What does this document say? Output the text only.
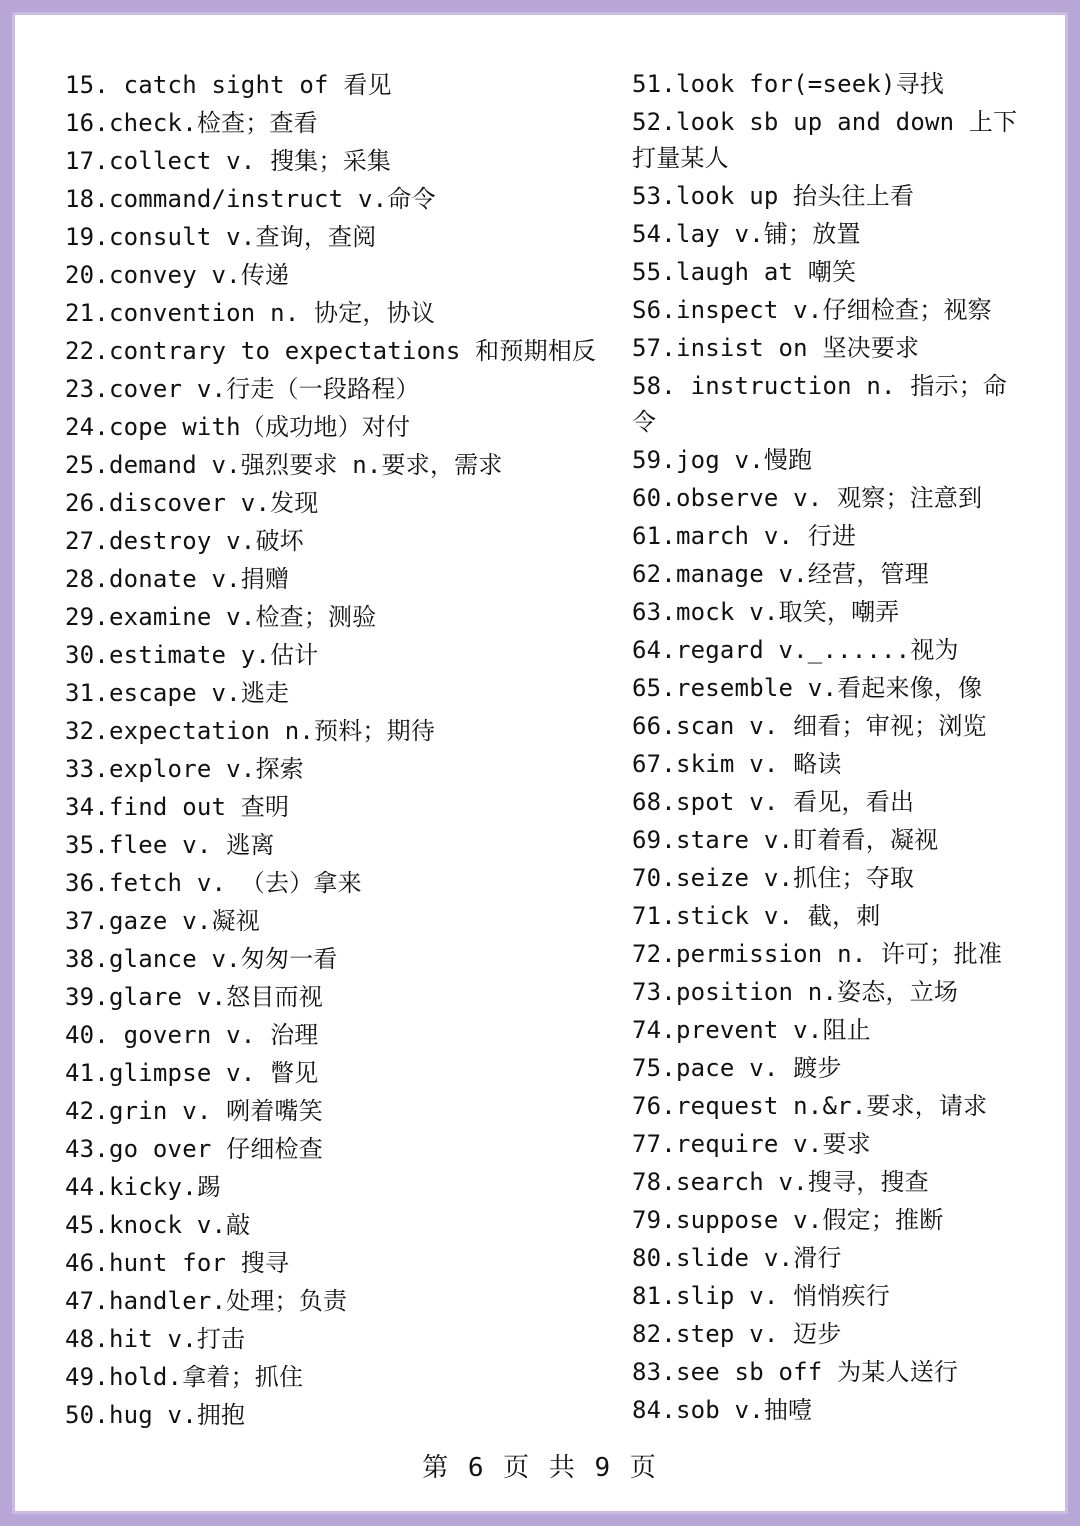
15. catch sight of 看见
16.check.检查；查看
17.collect v. 搜集；采集
18.command/instruct v.命令
19.consult v.查询，查阅
20.convey v.传递
21.convention n. 协定，协议
22.contrary to expectations 和预期相反
23.cover v.行走（一段路程）
24.cope with（成功地）对付
25.demand v.强烈要求 n.要求，需求
26.discover v.发现
27.destroy v.破坏
28.donate v.捐赠
29.examine v.检查；测验
30.estimate y.估计
31.escape v.逃走
32.expectation n.预料；期待
33.explore v.探索
34.find out 查明
35.flee v. 逃离
36.fetch v. （去）拿来
37.gaze v.凝视
38.glance v.匆匆一看
39.glare v.怒目而视
40. govern v. 治理
41.glimpse v. 瞥见
42.grin v. 咧着嘴笑
43.go over 仔细检查
44.kicky.踢
45.knock v.敲
46.hunt for 搜寻
47.handler.处理；负责
48.hit v.打击
49.hold.拿着；抓住
50.hug v.拥抱
51.look for(=seek)寻找
52.look sb up and down 上下打量某人
53.look up 抬头往上看
54.lay v.铺；放置
55.laugh at 嘲笑
S6.inspect v.仔细检查；视察
57.insist on 坚决要求
58. instruction n. 指示；命令
59.jog v.慢跑
60.observe v. 观察；注意到
61.march v. 行进
62.manage v.经营，管理
63.mock v.取笑，嘲弄
64.regard v._......视为
65.resemble v.看起来像，像
66.scan v. 细看；审视；浏览
67.skim v. 略读
68.spot v. 看见，看出
69.stare v.盯着看，凝视
70.seize v.抓住；夺取
71.stick v. 截，刺
72.permission n. 许可；批准
73.position n.姿态，立场
74.prevent v.阻止
75.pace v. 踱步
76.request n.&r.要求，请求
77.require v.要求
78.search v.搜寻，搜查
79.suppose v.假定；推断
80.slide v.滑行
81.slip v. 悄悄疾行
82.step v. 迈步
83.see sb off 为某人送行
84.sob v.抽噎
第 6 页 共 9 页
